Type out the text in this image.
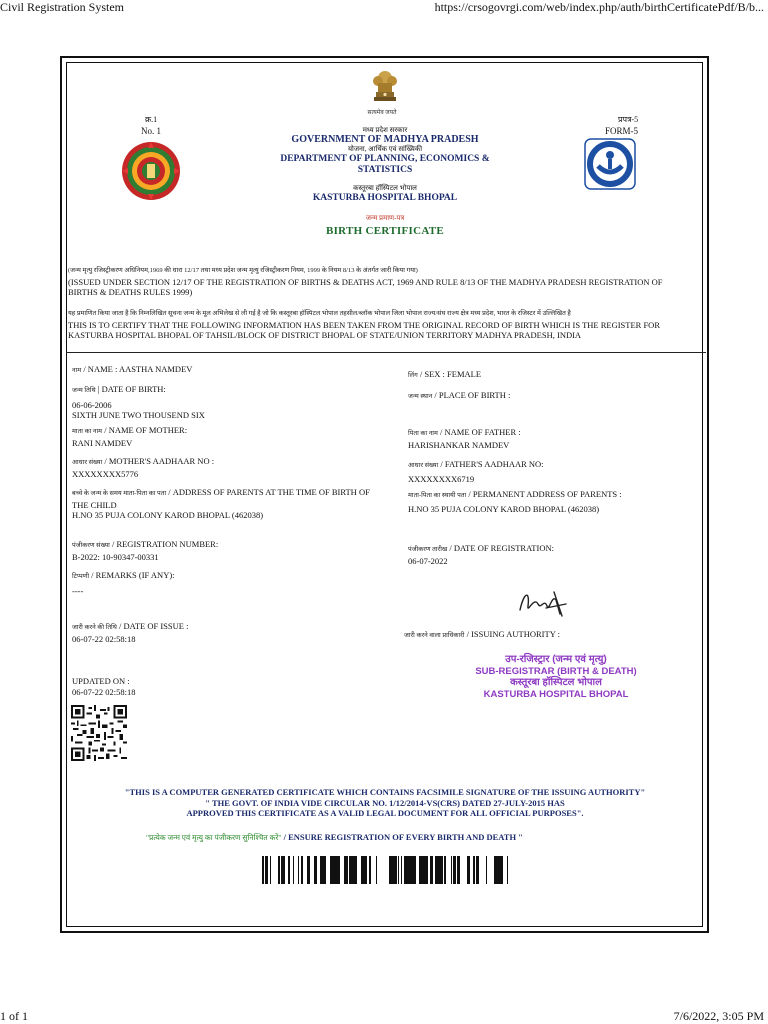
Civil Registration System	https://crsogovrgi.com/web/index.php/auth/birthCertificatePdf/B/b...
1 of 1	7/6/2022, 3:05 PM
सत्यमेव जयते
क्र.1
No. 1
प्रपत्र-5
FORM-5
मध्य प्रदेश सरकार
GOVERNMENT OF MADHYA PRADESH
योजना, आर्थिक एवं सांख्यिकी
DEPARTMENT OF PLANNING, ECONOMICS &
STATISTICS
कस्तूरबा हॉस्पिटल भोपाल
KASTURBA HOSPITAL BHOPAL
जन्म प्रमाण-पत्र
BIRTH CERTIFICATE
(जन्म मृत्यु रजिस्ट्रीकरण अधिनियम,1969 की धारा 12/17 तथा मध्य प्रदेश जन्म मृत्यु रजिस्ट्रीकरण नियम, 1999 के नियम 8/13 के अंतर्गत जारी किया गया)
(ISSUED UNDER SECTION 12/17 OF THE REGISTRATION OF BIRTHS & DEATHS ACT, 1969 AND RULE 8/13 OF THE MADHYA PRADESH REGISTRATION OF
BIRTHS & DEATHS RULES 1999)
यह प्रमाणित किया जाता है कि निम्नलिखित सूचना जन्म के मूल अभिलेख से ली गई है जो कि कस्तूरबा हॉस्पिटल भोपाल तहसील/ब्लॉक भोपाल जिला भोपाल राज्य/संघ राज्य क्षेत्र मध्य प्रदेश, भारत के रजिस्टर में उल्लिखित है
THIS IS TO CERTIFY THAT THE FOLLOWING INFORMATION HAS BEEN TAKEN FROM THE ORIGINAL RECORD OF BIRTH WHICH IS THE REGISTER FOR
KASTURBA HOSPITAL BHOPAL OF TAHSIL/BLOCK OF DISTRICT BHOPAL OF STATE/UNION TERRITORY MADHYA PRADESH, INDIA
नाम / NAME : AASTHA NAMDEV
जन्म तिथि | DATE OF BIRTH:
06-06-2006
SIXTH JUNE TWO THOUSEND SIX
माता का नाम / NAME OF MOTHER:
RANI NAMDEV
आधार संख्या / MOTHER'S AADHAAR NO :
XXXXXXXX5776
बच्चे के जन्म के समय माता-पिता का पता / ADDRESS OF PARENTS AT THE TIME OF BIRTH OF
THE CHILD
H.NO 35 PUJA COLONY KAROD BHOPAL (462038)
पंजीकरण संख्या / REGISTRATION NUMBER:
B-2022: 10-90347-00331
टिप्पणी / REMARKS (IF ANY):
----
जारी करने की तिथि / DATE OF ISSUE :
06-07-22 02:58:18
UPDATED ON :
06-07-22 02:58:18
लिंग / SEX : FEMALE
जन्म स्थान / PLACE OF BIRTH :
पिता का नाम / NAME OF FATHER :
HARISHANKAR NAMDEV
आधार संख्या / FATHER'S AADHAAR NO:
XXXXXXXX6719
माता-पिता का स्थायी पता / PERMANENT ADDRESS OF PARENTS :
H.NO 35 PUJA COLONY KAROD BHOPAL (462038)
पंजीकरण तारीख / DATE OF REGISTRATION:
06-07-2022
जारी करने वाला प्राधिकारी / ISSUING AUTHORITY :
उप-रजिस्ट्रार (जन्म एवं मृत्यु)
SUB-REGISTRAR (BIRTH & DEATH)
कस्तूरबा हॉस्पिटल भोपाल
KASTURBA HOSPITAL BHOPAL
"THIS IS A COMPUTER GENERATED CERTIFICATE WHICH CONTAINS FACSIMILE SIGNATURE OF THE ISSUING AUTHORITY"
" THE GOVT. OF INDIA VIDE CIRCULAR NO. 1/12/2014-VS(CRS) DATED 27-JULY-2015 HAS
APPROVED THIS CERTIFICATE AS A VALID LEGAL DOCUMENT FOR ALL OFFICIAL PURPOSES".
"प्रत्येक जन्म एवं मृत्यु का पंजीकरण सुनिश्चित करें" / ENSURE REGISTRATION OF EVERY BIRTH AND DEATH "
